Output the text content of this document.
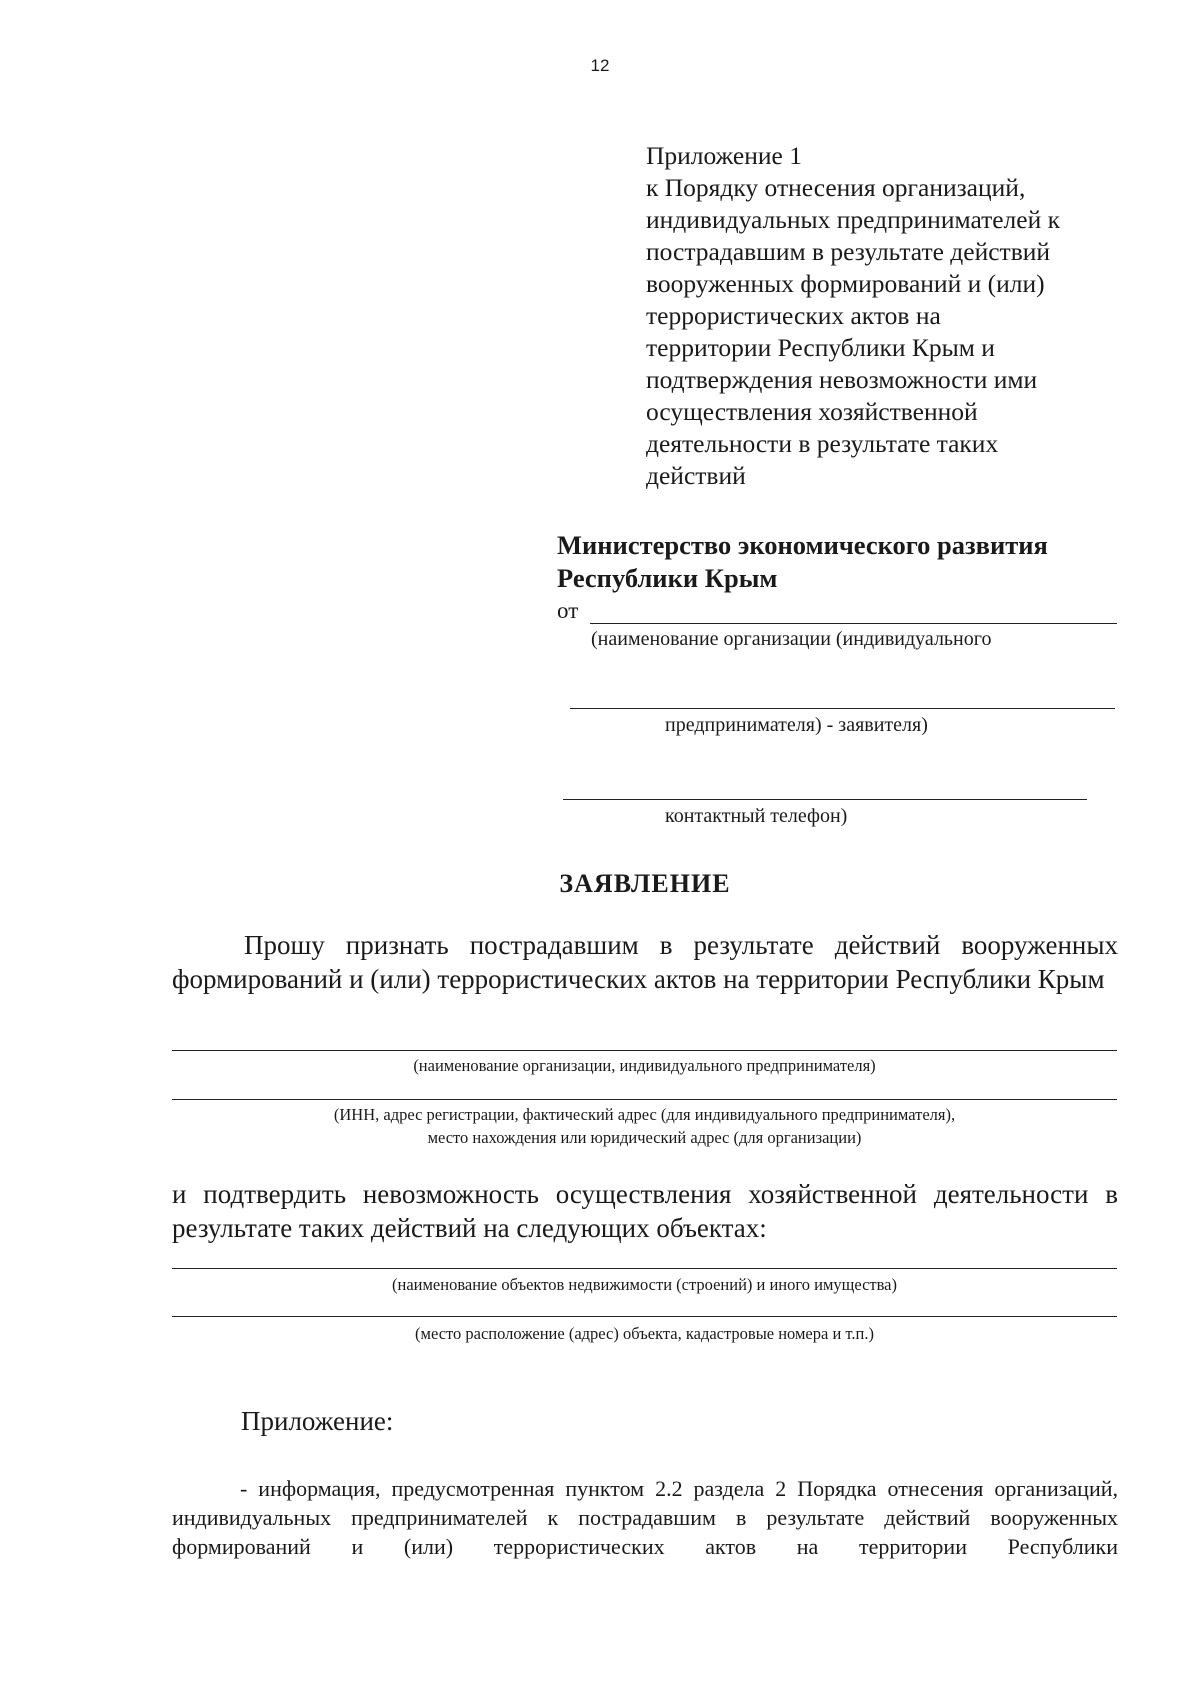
12
Приложение 1
к Порядку отнесения организаций,
индивидуальных предпринимателей к
пострадавшим в результате действий
вооруженных формирований и (или)
террористических актов на
территории Республики Крым и
подтверждения невозможности ими
осуществления хозяйственной
деятельности в результате таких
действий
Министерство экономического развития
Республики Крым
от
(наименование организации (индивидуального
предпринимателя) - заявителя)
контактный телефон)
ЗАЯВЛЕНИЕ
Прошу признать пострадавшим в результате действий вооруженных формирований и (или) террористических актов на территории Республики Крым
(наименование организации, индивидуального предпринимателя)
(ИНН, адрес регистрации, фактический адрес (для индивидуального предпринимателя),
место нахождения или юридический адрес (для организации)
и подтвердить невозможность осуществления хозяйственной деятельности в результате таких действий на следующих объектах:
(наименование объектов недвижимости (строений) и иного имущества)
(место расположение (адрес) объекта, кадастровые номера и т.п.)
Приложение:
- информация, предусмотренная пунктом 2.2 раздела 2 Порядка отнесения организаций, индивидуальных предпринимателей к пострадавшим в результате действий вооруженных формирований и (или) террористических актов на территории Республики
